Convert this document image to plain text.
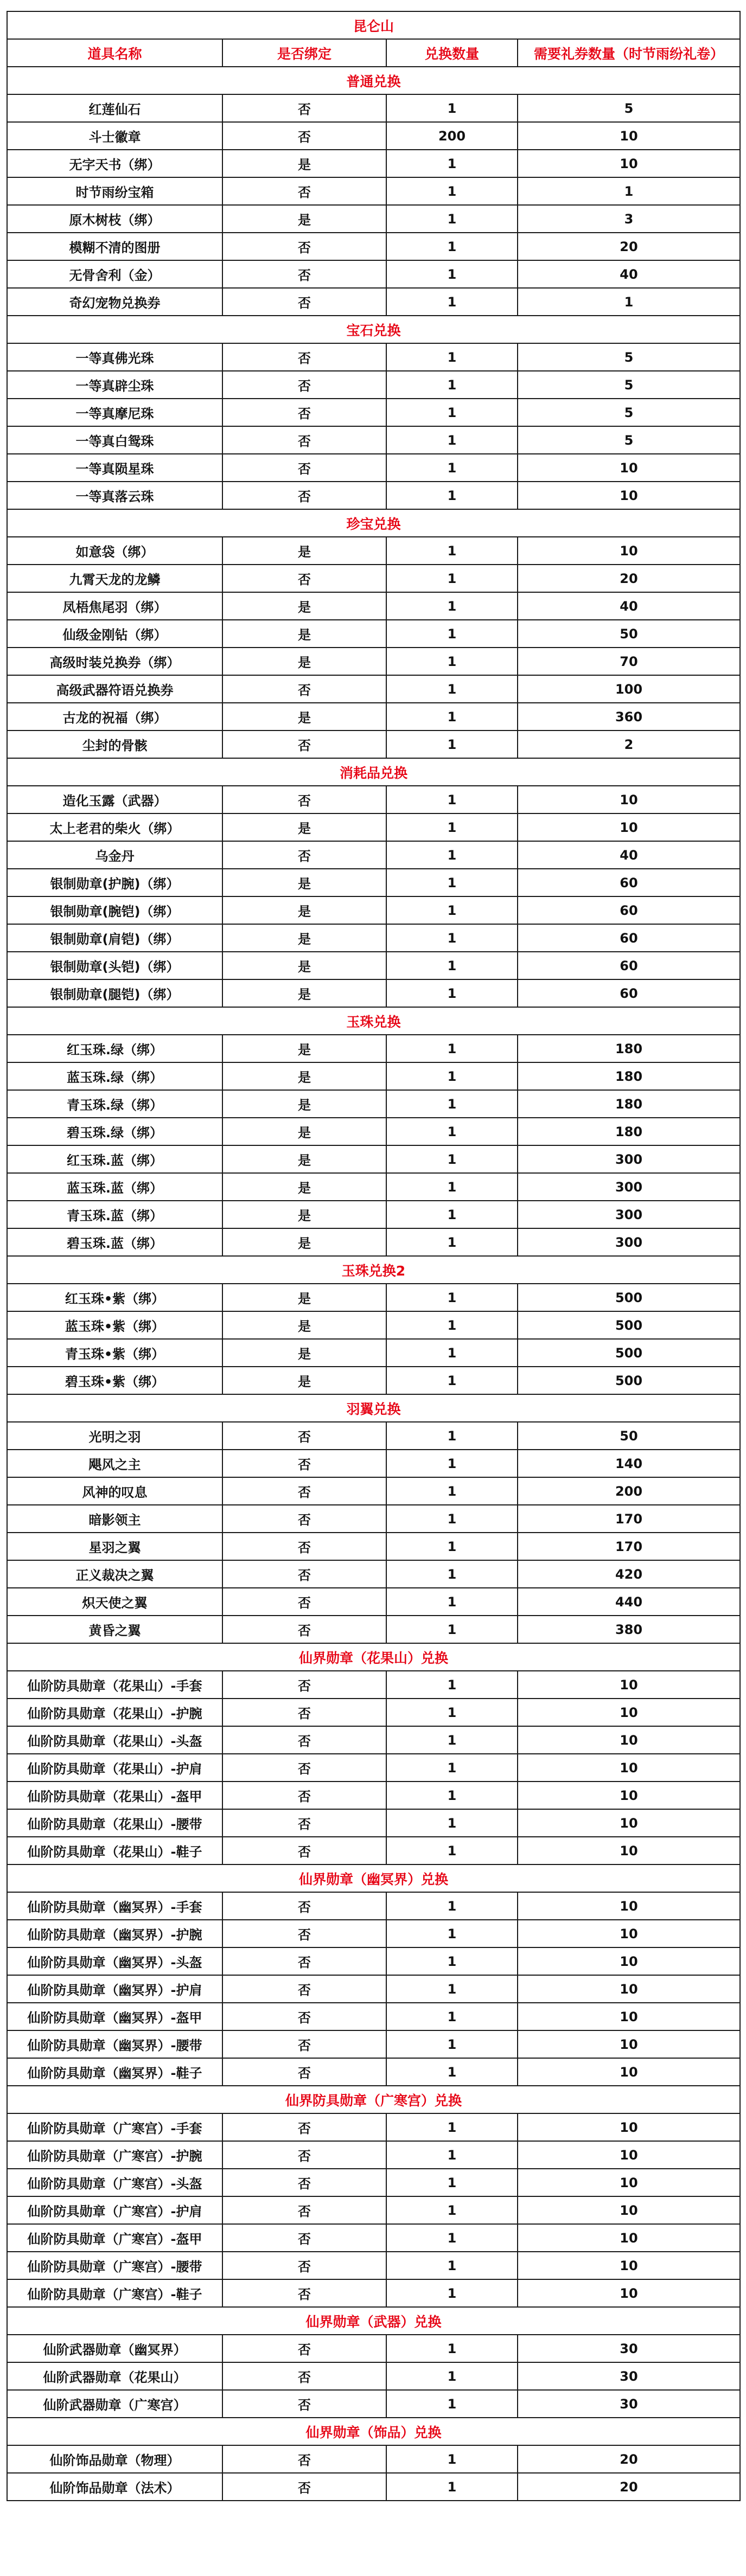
昆仑山			
道具名称	是否绑定	兑换数量	需要礼券数量（时节雨纷礼卷）
普通兑换			
红莲仙石	否	1	5
斗士徽章	否	200	10
无字天书（绑）	是	1	10
时节雨纷宝箱	否	1	1
原木树枝（绑）	是	1	3
模糊不清的图册	否	1	20
无骨舍利（金）	否	1	40
奇幻宠物兑换券	否	1	1
宝石兑换			
一等真佛光珠	否	1	5
一等真辟尘珠	否	1	5
一等真摩尼珠	否	1	5
一等真白鸳珠	否	1	5
一等真陨星珠	否	1	10
一等真落云珠	否	1	10
珍宝兑换			
如意袋（绑）	是	1	10
九霄天龙的龙鳞	否	1	20
凤梧焦尾羽（绑）	是	1	40
仙级金刚钻（绑）	是	1	50
高级时装兑换券（绑）	是	1	70
高级武器符语兑换券	否	1	100
古龙的祝福（绑）	是	1	360
尘封的骨骸	否	1	2
消耗品兑换			
造化玉露（武器）	否	1	10
太上老君的柴火（绑）	是	1	10
乌金丹	否	1	40
银制勋章(护腕)（绑）	是	1	60
银制勋章(腕铠)（绑）	是	1	60
银制勋章(肩铠)（绑）	是	1	60
银制勋章(头铠)（绑）	是	1	60
银制勋章(腿铠)（绑）	是	1	60
玉珠兑换			
红玉珠.绿（绑）	是	1	180
蓝玉珠.绿（绑）	是	1	180
青玉珠.绿（绑）	是	1	180
碧玉珠.绿（绑）	是	1	180
红玉珠.蓝（绑）	是	1	300
蓝玉珠.蓝（绑）	是	1	300
青玉珠.蓝（绑）	是	1	300
碧玉珠.蓝（绑）	是	1	300
玉珠兑换2			
红玉珠•紫（绑）	是	1	500
蓝玉珠•紫（绑）	是	1	500
青玉珠•紫（绑）	是	1	500
碧玉珠•紫（绑）	是	1	500
羽翼兑换			
光明之羽	否	1	50
飓风之主	否	1	140
风神的叹息	否	1	200
暗影领主	否	1	170
星羽之翼	否	1	170
正义裁决之翼	否	1	420
炽天使之翼	否	1	440
黄昏之翼	否	1	380
仙界勋章（花果山）兑换			
仙阶防具勋章（花果山）-手套	否	1	10
仙阶防具勋章（花果山）-护腕	否	1	10
仙阶防具勋章（花果山）-头盔	否	1	10
仙阶防具勋章（花果山）-护肩	否	1	10
仙阶防具勋章（花果山）-盔甲	否	1	10
仙阶防具勋章（花果山）-腰带	否	1	10
仙阶防具勋章（花果山）-鞋子	否	1	10
仙界勋章（幽冥界）兑换			
仙阶防具勋章（幽冥界）-手套	否	1	10
仙阶防具勋章（幽冥界）-护腕	否	1	10
仙阶防具勋章（幽冥界）-头盔	否	1	10
仙阶防具勋章（幽冥界）-护肩	否	1	10
仙阶防具勋章（幽冥界）-盔甲	否	1	10
仙阶防具勋章（幽冥界）-腰带	否	1	10
仙阶防具勋章（幽冥界）-鞋子	否	1	10
仙界防具勋章（广寒宫）兑换			
仙阶防具勋章（广寒宫）-手套	否	1	10
仙阶防具勋章（广寒宫）-护腕	否	1	10
仙阶防具勋章（广寒宫）-头盔	否	1	10
仙阶防具勋章（广寒宫）-护肩	否	1	10
仙阶防具勋章（广寒宫）-盔甲	否	1	10
仙阶防具勋章（广寒宫）-腰带	否	1	10
仙阶防具勋章（广寒宫）-鞋子	否	1	10
仙界勋章（武器）兑换			
仙阶武器勋章（幽冥界）	否	1	30
仙阶武器勋章（花果山）	否	1	30
仙阶武器勋章（广寒宫）	否	1	30
仙界勋章（饰品）兑换			
仙阶饰品勋章（物理）	否	1	20
仙阶饰品勋章（法术）	否	1	20
